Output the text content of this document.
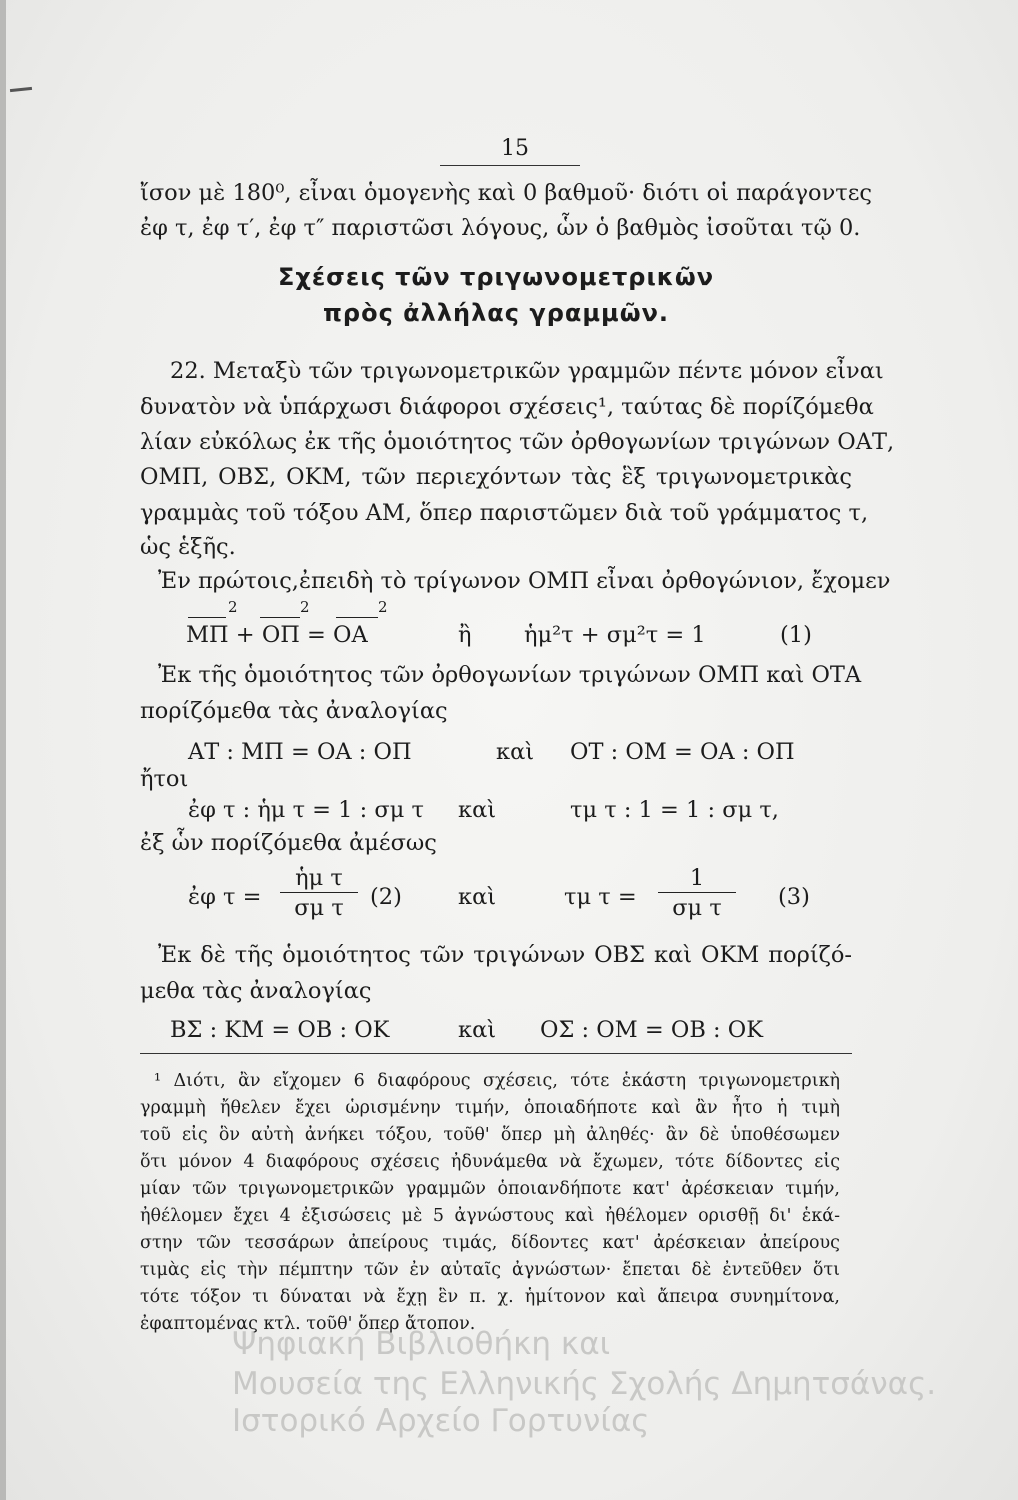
Ψηφιακή Βιβλιοθήκη και
Μουσεία της Ελληνικής Σχολής Δημητσάνας.
Ιστορικό Αρχείο Γορτυνίας
15
ἴσον μὲ 180⁰, εἶναι ὁμογενὴς καὶ 0 βαθμοῦ· διότι οἱ παράγοντες
ἐφ τ, ἐφ τ′, ἐφ τ″ παριστῶσι λόγους, ὧν ὁ βαθμὸς ἰσοῦται τῷ 0.
Σχέσεις τῶν τριγωνομετρικῶν
πρὸς ἀλλήλας γραμμῶν.
22. Μεταξὺ τῶν τριγωνομετρικῶν γραμμῶν πέντε μόνον εἶναι
δυνατὸν νὰ ὑπάρχωσι διάφοροι σχέσεις¹, ταύτας δὲ πορίζόμεθα
λίαν εὐκόλως ἐκ τῆς ὁμοιότητος τῶν ὀρθογωνίων τριγώνων ΟΑΤ,
ΟΜΠ, ΟΒΣ, ΟΚΜ, τῶν περιεχόντων τὰς ἓξ τριγωνομετρικὰς
γραμμὰς τοῦ τόξου ΑΜ, ὅπερ παριστῶμεν διὰ τοῦ γράμματος τ,
ὡς ἑξῆς.
Ἐν πρώτοις,ἐπειδὴ τὸ τρίγωνον ΟΜΠ εἶναι ὀρθογώνιον, ἔχομεν
ΜΠ + ΟΠ = ΟΑ
2	2	2
ἢ ἡμ²τ + σμ²τ = 1	(1)
Ἐκ τῆς ὁμοιότητος τῶν ὀρθογωνίων τριγώνων ΟΜΠ καὶ ΟΤΑ
πορίζόμεθα τὰς ἀναλογίας
ΑΤ : ΜΠ = ΟΑ : ΟΠ	καὶ ΟΤ : ΟΜ = ΟΑ : ΟΠ
ἤτοι
ἐφ τ : ἡμ τ = 1 : σμ τ καὶ	τμ τ : 1 = 1 : σμ τ,
ἐξ ὧν πορίζόμεθα ἀμέσως
ἐφ τ =
ἡμ τ
σμ τ	(2) καὶ	τμ τ =
1
σμ τ	(3)
Ἐκ δὲ τῆς ὁμοιότητος τῶν τριγώνων ΟΒΣ καὶ ΟΚΜ πορίζό-
μεθα τὰς ἀναλογίας
ΒΣ : ΚΜ = ΟΒ : ΟΚ	καὶ ΟΣ : ΟΜ = ΟΒ : ΟΚ
¹ Διότι, ἂν εἴχομεν 6 διαφόρους σχέσεις, τότε ἑκάστη τριγωνομετρικὴ
γραμμὴ ἤθελεν ἔχει ὡρισμένην τιμήν, ὁποιαδήποτε καὶ ἂν ἦτο ἡ τιμὴ
τοῦ εἰς ὃν αὐτὴ ἀνήκει τόξου, τοῦθ' ὅπερ μὴ ἀληθές· ἂν δὲ ὑποθέσωμεν
ὅτι μόνον 4 διαφόρους σχέσεις ἠδυνάμεθα νὰ ἔχωμεν, τότε δίδοντες εἰς
μίαν τῶν τριγωνομετρικῶν γραμμῶν ὁποιανδήποτε κατ' ἀρέσκειαν τιμήν,
ἠθέλομεν ἔχει 4 ἐξισώσεις μὲ 5 ἀγνώστους καὶ ἠθέλομεν ορισθῇ δι' ἑκά-
στην τῶν τεσσάρων ἀπείρους τιμάς, δίδοντες κατ' ἀρέσκειαν ἀπείρους
τιμὰς εἰς τὴν πέμπτην τῶν ἐν αὐταῖς ἀγνώστων· ἔπεται δὲ ἐντεῦθεν ὅτι
τότε τόξον τι δύναται νὰ ἔχῃ ἓν π. χ. ἡμίτονον καὶ ἄπειρα συνημίτονα,
ἐφαπτομένας κτλ. τοῦθ' ὅπερ ἄτοπον.
